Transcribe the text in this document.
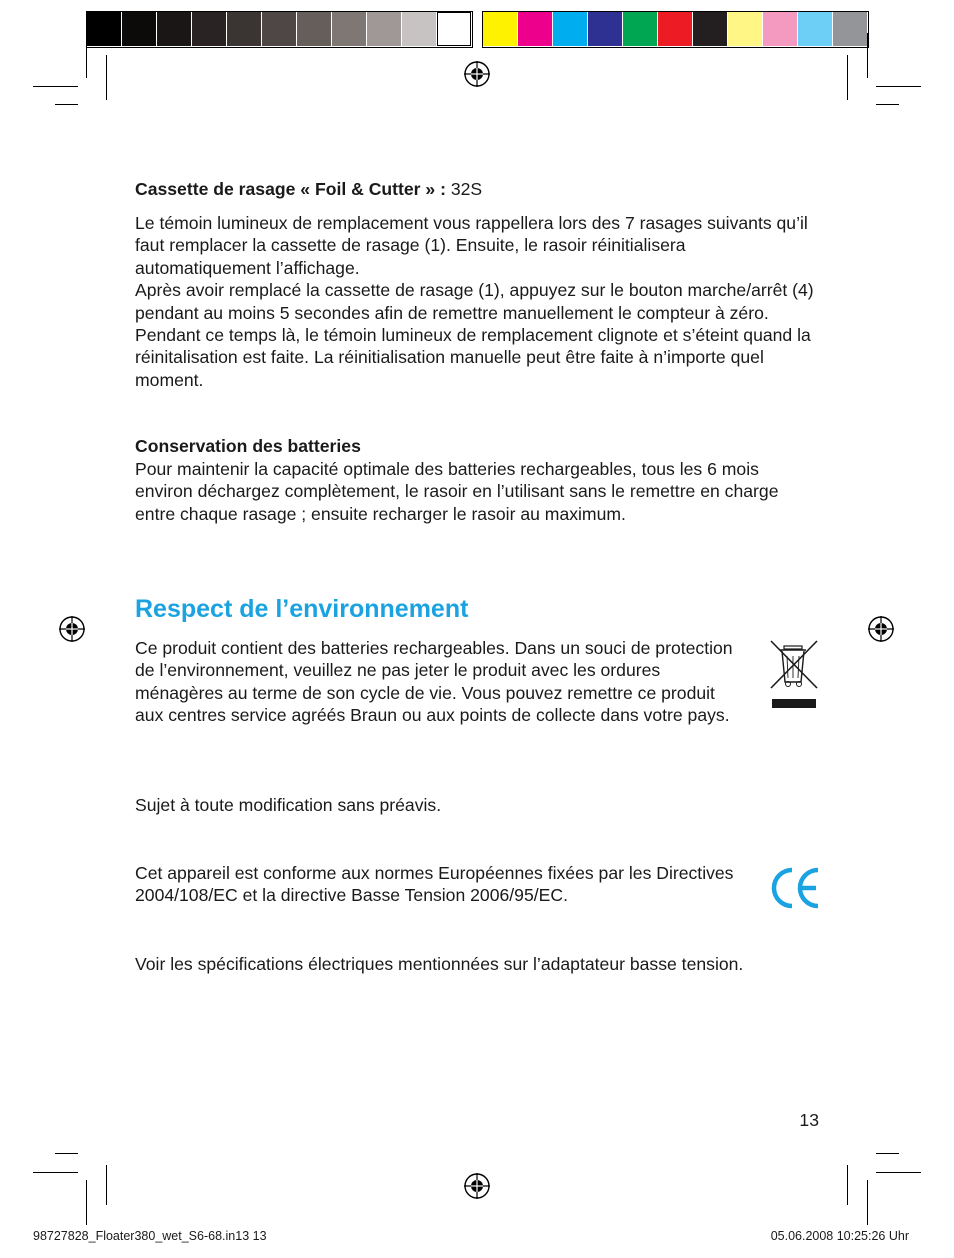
Cassette de rasage « Foil & Cutter » : 32S

Le témoin lumineux de remplacement vous rappellera lors des 7 rasages suivants qu’il faut remplacer la cassette de rasage (1). Ensuite, le rasoir réinitialisera automatiquement l’affichage.

Après avoir remplacé la cassette de rasage (1), appuyez sur le bouton marche/arrêt (4) pendant au moins 5 secondes afin de remettre manuellement le compteur à zéro.

Pendant ce temps là, le témoin lumineux de remplacement clignote et s’éteint quand la réinitalisation est faite. La réinitialisation manuelle peut être faite à n’importe quel moment.

Conservation des batteries
Pour maintenir la capacité optimale des batteries rechargeables, tous les 6 mois environ déchargez complètement, le rasoir en l’utilisant sans le remettre en charge entre chaque rasage ; ensuite recharger le rasoir au maximum.
Respect de l’environnement
Ce produit contient des batteries rechargeables. Dans un souci de protection de l’environnement, veuillez ne pas jeter le produit avec les ordures ménagères au terme de son cycle de vie. Vous pouvez remettre ce produit aux centres service agréés Braun ou aux points de collecte dans votre pays.
Sujet à toute modification sans préavis.
Cet appareil est conforme aux normes Européennes fixées par les Directives 2004/108/EC et la directive Basse Tension 2006/95/EC.
Voir les spécifications électriques mentionnées sur l’adaptateur basse tension.
13
98727828_Floater380_wet_S6-68.in13 13	05.06.2008 10:25:26 Uhr
